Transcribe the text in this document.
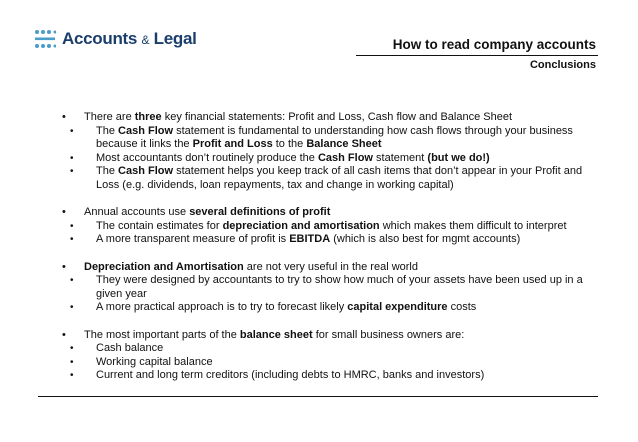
Accounts & Legal	How to read company accounts
Conclusions
• There are three key financial statements: Profit and Loss, Cash flow and Balance Sheet
• The Cash Flow statement is fundamental to understanding how cash flows through your business because it links the Profit and Loss to the Balance Sheet
• Most accountants don’t routinely produce the Cash Flow statement (but we do!)
• The Cash Flow statement helps you keep track of all cash items that don’t appear in your Profit and Loss (e.g. dividends, loan repayments, tax and change in working capital)
• Annual accounts use several definitions of profit
• The contain estimates for depreciation and amortisation which makes them difficult to interpret
• A more transparent measure of profit is EBITDA (which is also best for mgmt accounts)
• Depreciation and Amortisation are not very useful in the real world
• They were designed by accountants to try to show how much of your assets have been used up in a given year
• A more practical approach is to try to forecast likely capital expenditure costs
• The most important parts of the balance sheet for small business owners are:
• Cash balance
• Working capital balance
• Current and long term creditors (including debts to HMRC, banks and investors)
